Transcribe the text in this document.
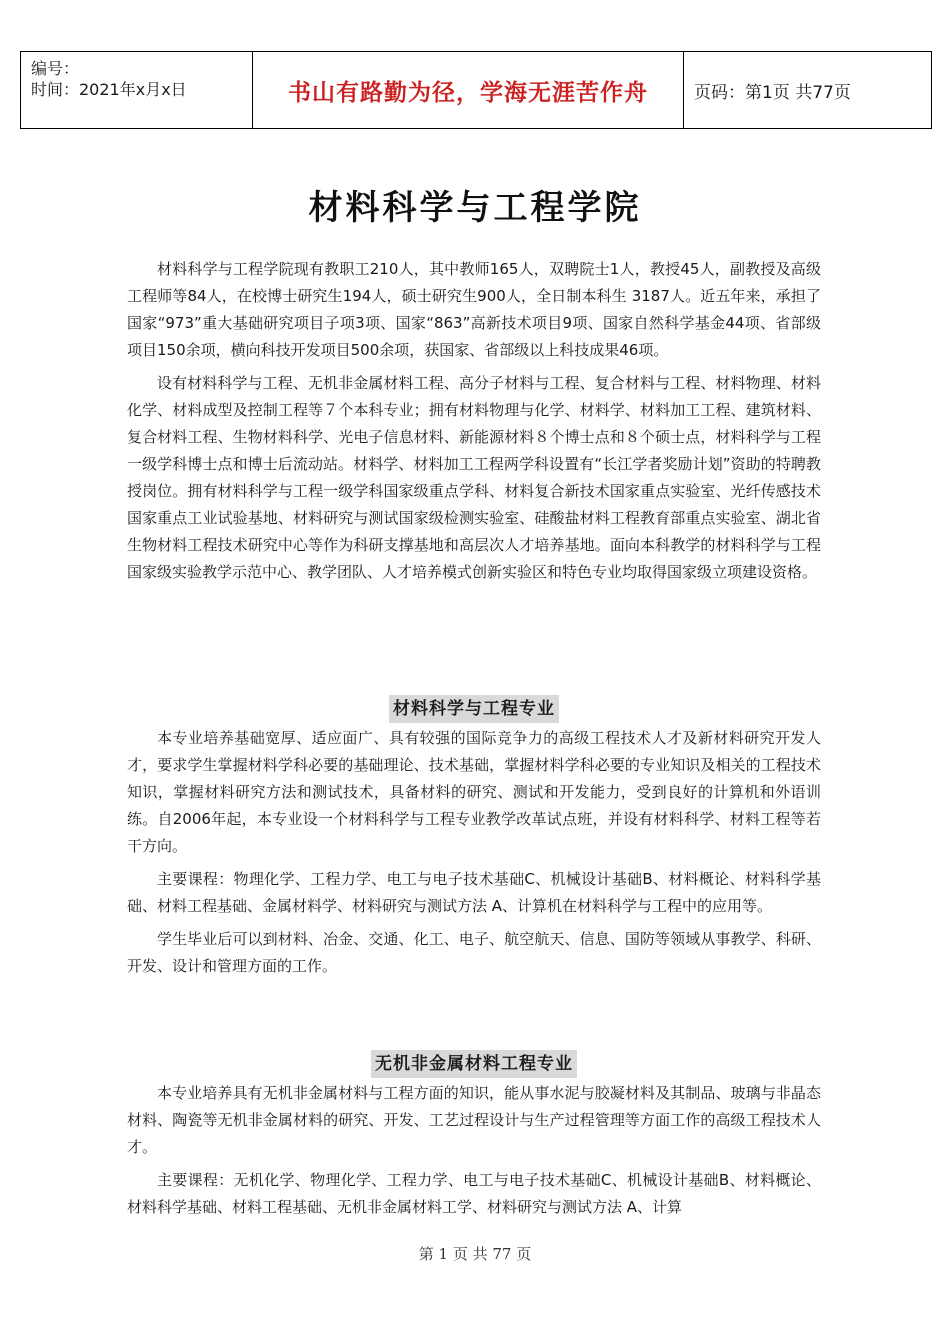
编号：
时间：2021年x月x日	书山有路勤为径，学海无涯苦作舟	页码：第1页 共77页
材料科学与工程学院

材料科学与工程学院现有教职工210人，其中教师165人，双聘院士1人，教授45人，副教授及高级工程师等84人，在校博士研究生194人，硕士研究生900人，全日制本科生 3187人。近五年来，承担了国家“973”重大基础研究项目子项3项、国家“863”高新技术项目9项、国家自然科学基金44项、省部级项目150余项，横向科技开发项目500余项，获国家、省部级以上科技成果46项。

设有材料科学与工程、无机非金属材料工程、高分子材料与工程、复合材料与工程、材料物理、材料化学、材料成型及控制工程等７个本科专业；拥有材料物理与化学、材料学、材料加工工程、建筑材料、复合材料工程、生物材料科学、光电子信息材料、新能源材料８个博士点和８个硕士点，材料科学与工程一级学科博士点和博士后流动站。材料学、材料加工工程两学科设置有“长江学者奖励计划”资助的特聘教授岗位。拥有材料科学与工程一级学科国家级重点学科、材料复合新技术国家重点实验室、光纤传感技术国家重点工业试验基地、材料研究与测试国家级检测实验室、硅酸盐材料工程教育部重点实验室、湖北省生物材料工程技术研究中心等作为科研支撑基地和高层次人才培养基地。面向本科教学的材料科学与工程国家级实验教学示范中心、教学团队、人才培养模式创新实验区和特色专业均取得国家级立项建设资格。

材料科学与工程专业

本专业培养基础宽厚、适应面广、具有较强的国际竞争力的高级工程技术人才及新材料研究开发人才，要求学生掌握材料学科必要的基础理论、技术基础，掌握材料学科必要的专业知识及相关的工程技术知识，掌握材料研究方法和测试技术，具备材料的研究、测试和开发能力，受到良好的计算机和外语训练。自2006年起，本专业设一个材料科学与工程专业教学改革试点班，并设有材料科学、材料工程等若干方向。

主要课程：物理化学、工程力学、电工与电子技术基础C、机械设计基础B、材料概论、材料科学基础、材料工程基础、金属材料学、材料研究与测试方法 A、计算机在材料科学与工程中的应用等。

学生毕业后可以到材料、冶金、交通、化工、电子、航空航天、信息、国防等领域从事教学、科研、开发、设计和管理方面的工作。

无机非金属材料工程专业

本专业培养具有无机非金属材料与工程方面的知识，能从事水泥与胶凝材料及其制品、玻璃与非晶态材料、陶瓷等无机非金属材料的研究、开发、工艺过程设计与生产过程管理等方面工作的高级工程技术人才。

主要课程：无机化学、物理化学、工程力学、电工与电子技术基础C、机械设计基础B、材料概论、材料科学基础、材料工程基础、无机非金属材料工学、材料研究与测试方法 A、计算

第 1 页 共 77 页
